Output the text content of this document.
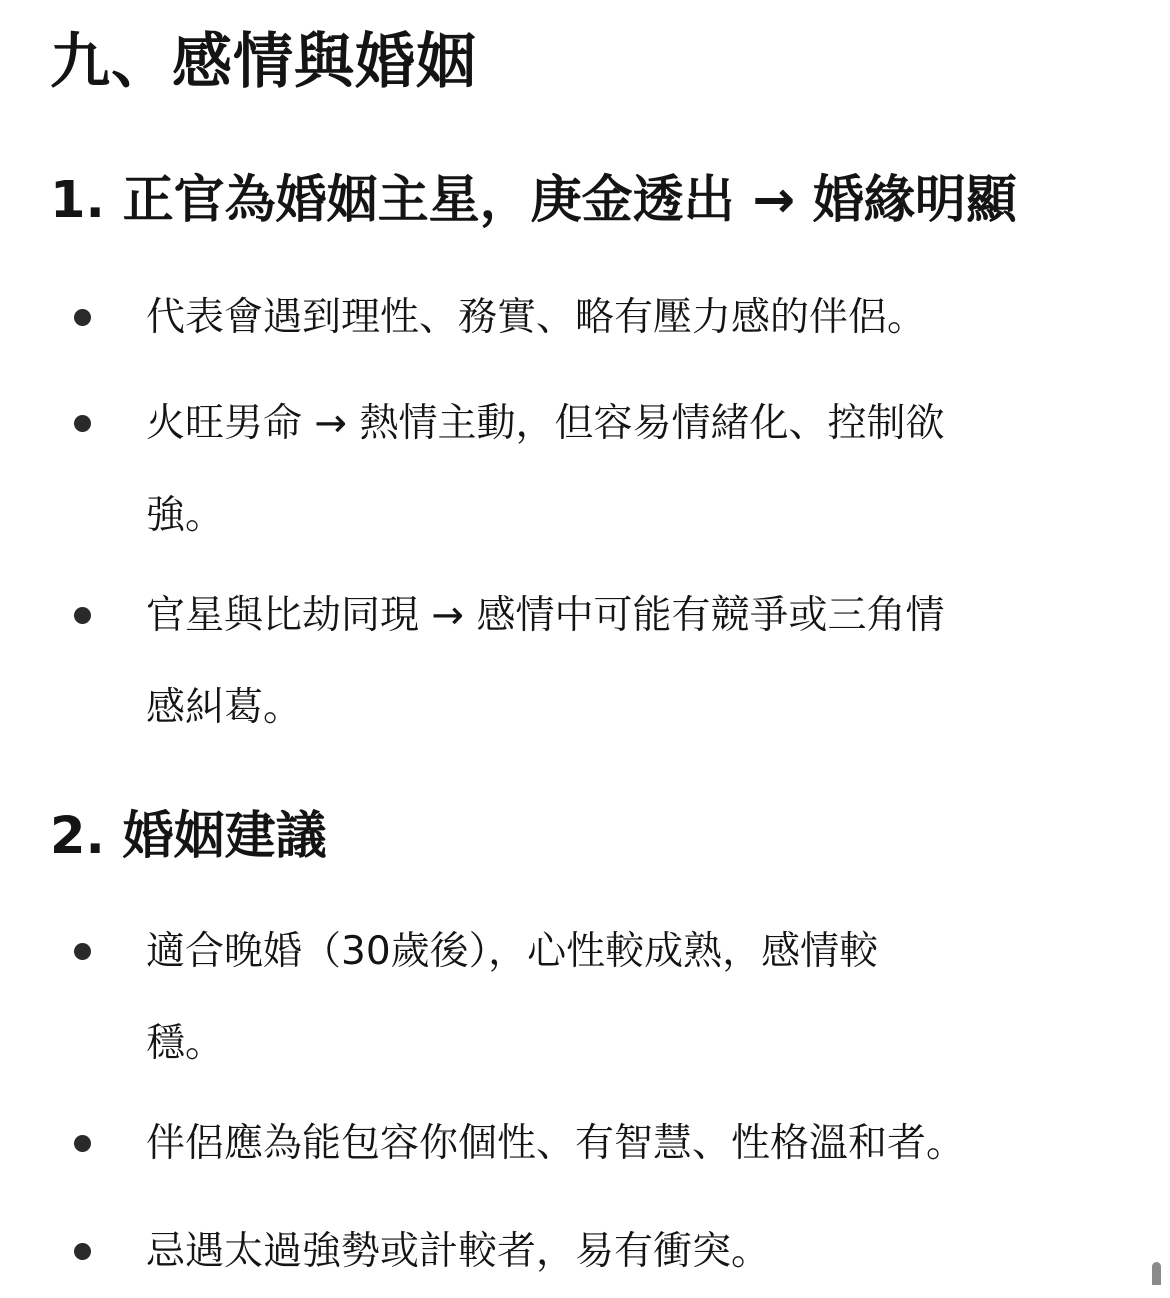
九、感情與婚姻
1. 正官為婚姻主星，庚金透出 → 婚緣明顯
代表會遇到理性、務實、略有壓力感的伴侶。
火旺男命 → 熱情主動，但容易情緒化、控制欲
強。
官星與比劫同現 → 感情中可能有競爭或三角情
感糾葛。
2. 婚姻建議
適合晚婚（30歲後），心性較成熟，感情較
穩。
伴侶應為能包容你個性、有智慧、性格溫和者。
忌遇太過強勢或計較者，易有衝突。
